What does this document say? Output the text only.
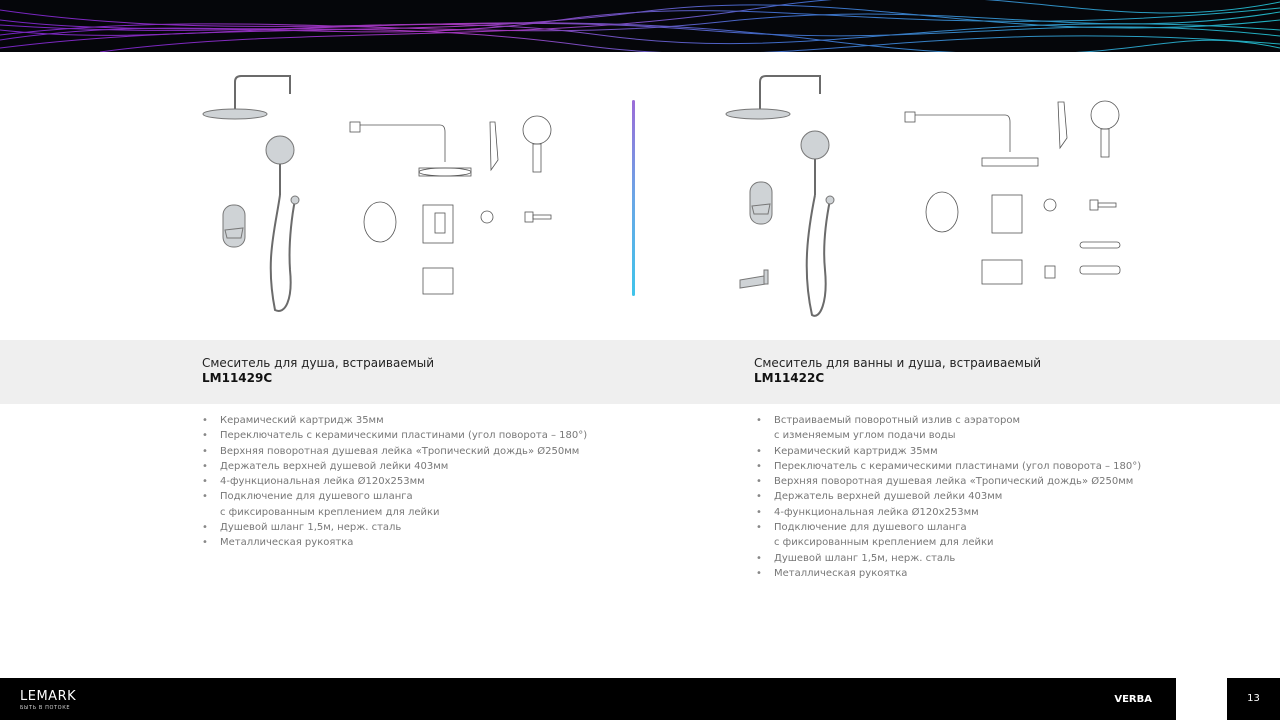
Смеситель для душа, встраиваемый
LM11429C
Смеситель для ванны и душа, встраиваемый
LM11422C
• Керамический картридж 35мм
• Переключатель с керамическими пластинами (угол поворота – 180°)
• Верхняя поворотная душевая лейка «Тропический дождь» Ø250мм
• Держатель верхней душевой лейки 403мм
• 4-функциональная лейка Ø120x253мм
• Подключение для душевого шланга
с фиксированным креплением для лейки
• Душевой шланг 1,5м, нерж. сталь
• Металлическая рукоятка
• Встраиваемый поворотный излив с аэратором
с изменяемым углом подачи воды
• Керамический картридж 35мм
• Переключатель с керамическими пластинами (угол поворота – 180°)
• Верхняя поворотная душевая лейка «Тропический дождь» Ø250мм
• Держатель верхней душевой лейки 403мм
• 4-функциональная лейка Ø120x253мм
• Подключение для душевого шланга
с фиксированным креплением для лейки
• Душевой шланг 1,5м, нерж. сталь
• Металлическая рукоятка
LEMARK
БЫТЬ В ПОТОКЕ
VERBA	13
